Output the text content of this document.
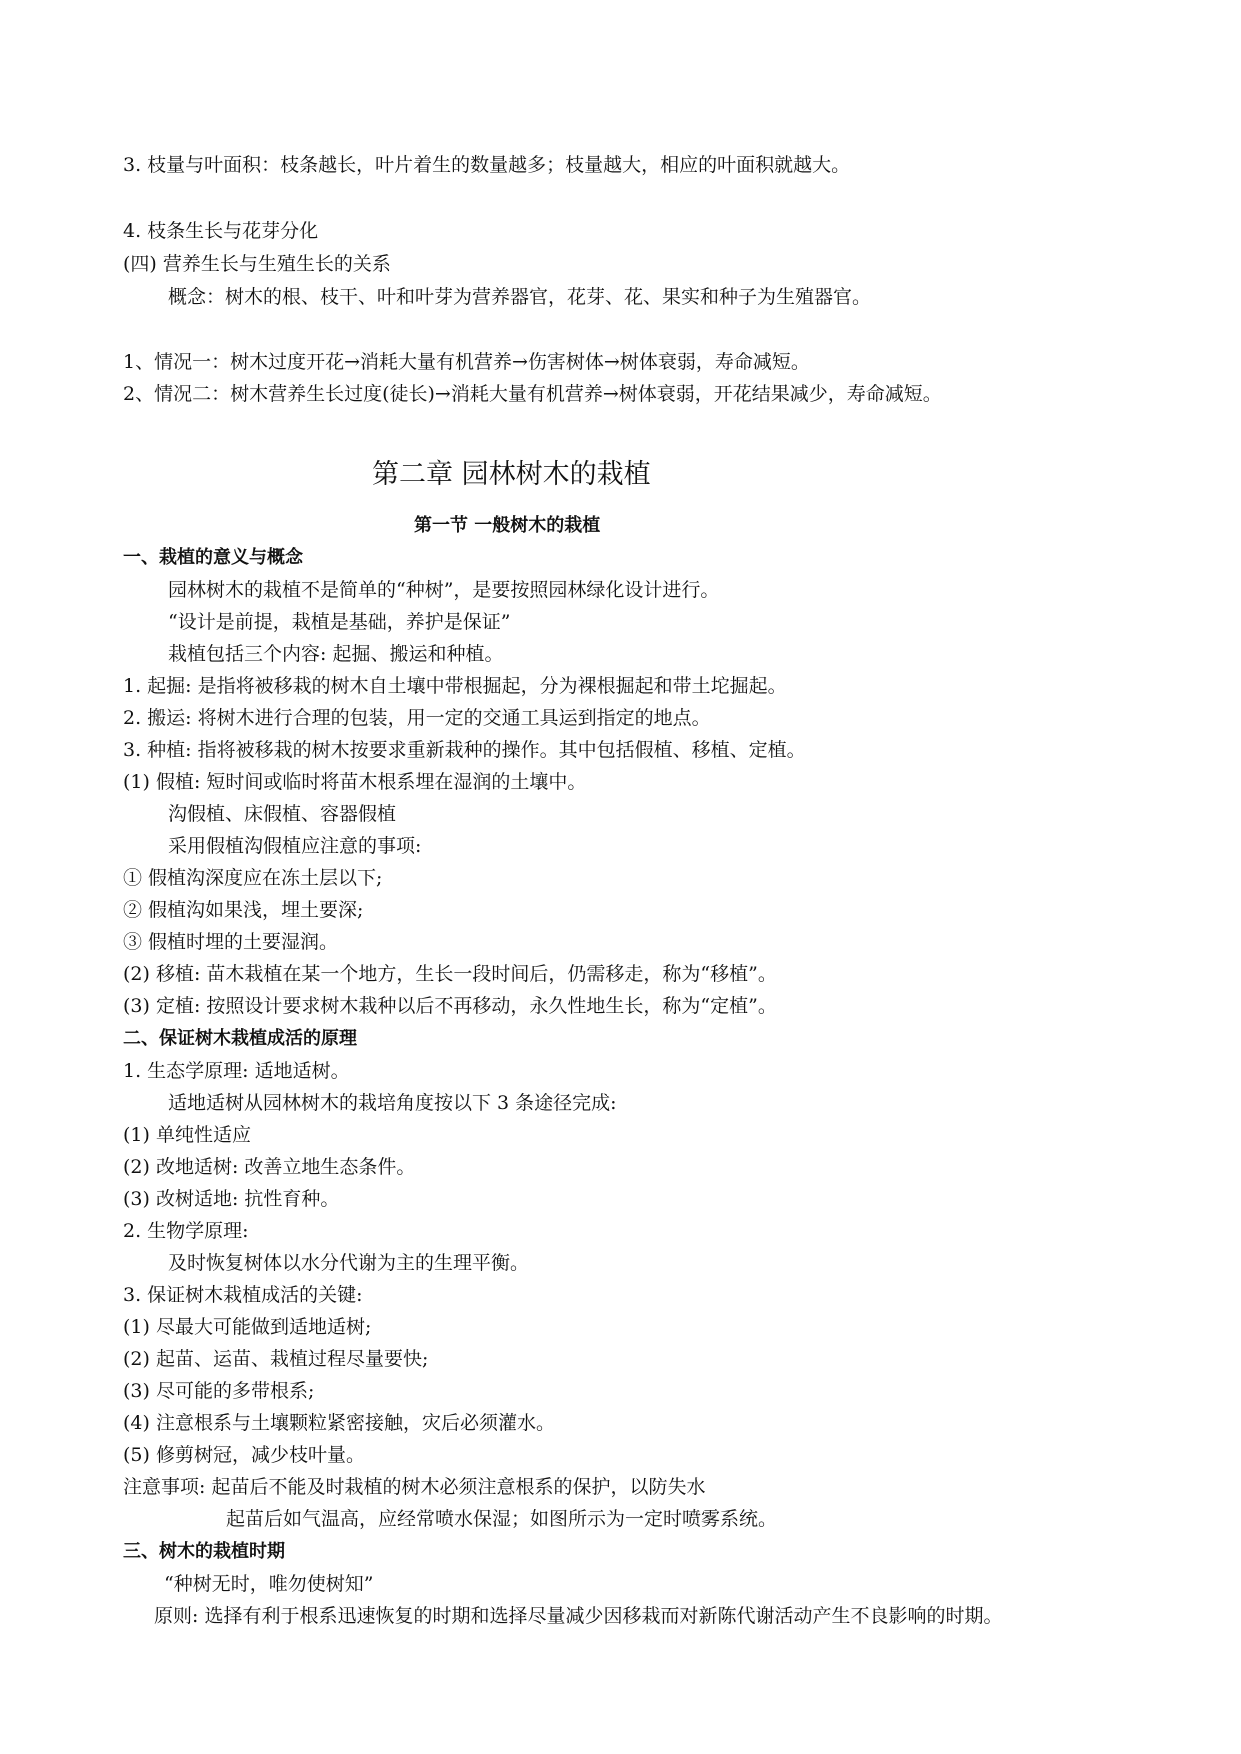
3. 枝量与叶面积：枝条越长，叶片着生的数量越多；枝量越大，相应的叶面积就越大。
4. 枝条生长与花芽分化
(四) 营养生长与生殖生长的关系
概念：树木的根、枝干、叶和叶芽为营养器官，花芽、花、果实和种子为生殖器官。
1、情况一：树木过度开花→消耗大量有机营养→伤害树体→树体衰弱，寿命减短。
2、情况二：树木营养生长过度(徒长)→消耗大量有机营养→树体衰弱，开花结果减少，寿命减短。
第二章 园林树木的栽植
第一节 一般树木的栽植
一、栽植的意义与概念
园林树木的栽植不是简单的“种树”，是要按照园林绿化设计进行。
“设计是前提，栽植是基础，养护是保证”
栽植包括三个内容: 起掘、搬运和种植。
1. 起掘: 是指将被移栽的树木自土壤中带根掘起，分为裸根掘起和带土坨掘起。
2. 搬运: 将树木进行合理的包装，用一定的交通工具运到指定的地点。
3. 种植: 指将被移栽的树木按要求重新栽种的操作。其中包括假植、移植、定植。
(1) 假植: 短时间或临时将苗木根系埋在湿润的土壤中。
沟假植、床假植、容器假植
采用假植沟假植应注意的事项:
① 假植沟深度应在冻土层以下;
② 假植沟如果浅，埋土要深;
③ 假植时埋的土要湿润。
(2) 移植: 苗木栽植在某一个地方，生长一段时间后，仍需移走，称为“移植”。
(3) 定植: 按照设计要求树木栽种以后不再移动，永久性地生长，称为“定植”。
二、保证树木栽植成活的原理
1. 生态学原理: 适地适树。
适地适树从园林树木的栽培角度按以下 3 条途径完成:
(1) 单纯性适应
(2) 改地适树: 改善立地生态条件。
(3) 改树适地: 抗性育种。
2. 生物学原理:
及时恢复树体以水分代谢为主的生理平衡。
3. 保证树木栽植成活的关键:
(1) 尽最大可能做到适地适树;
(2) 起苗、运苗、栽植过程尽量要快;
(3) 尽可能的多带根系;
(4) 注意根系与土壤颗粒紧密接触，灾后必须灌水。
(5) 修剪树冠，减少枝叶量。
注意事项: 起苗后不能及时栽植的树木必须注意根系的保护，以防失水
起苗后如气温高，应经常喷水保湿；如图所示为一定时喷雾系统。
三、树木的栽植时期
“种树无时，唯勿使树知”
原则: 选择有利于根系迅速恢复的时期和选择尽量减少因移栽而对新陈代谢活动产生不良影响的时期。
